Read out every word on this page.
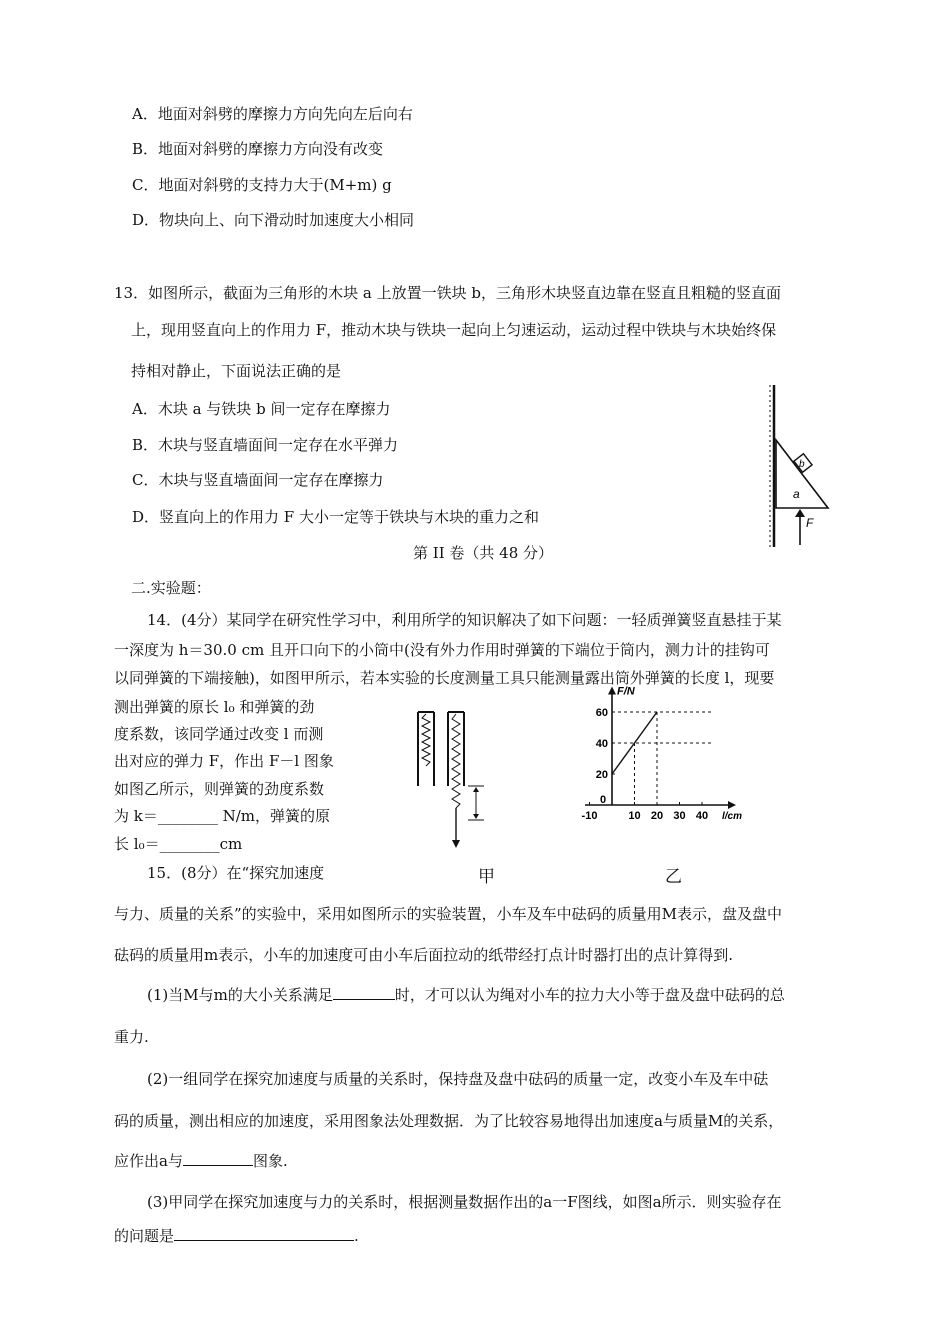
A．地面对斜劈的摩擦力方向先向左后向右
B．地面对斜劈的摩擦力方向没有改变
C．地面对斜劈的支持力大于(M+m) g
D．物块向上、向下滑动时加速度大小相同
13．如图所示，截面为三角形的木块 a 上放置一铁块 b，三角形木块竖直边靠在竖直且粗糙的竖直面
上，现用竖直向上的作用力 F，推动木块与铁块一起向上匀速运动，运动过程中铁块与木块始终保
持相对静止，下面说法正确的是
A．木块 a 与铁块 b 间一定存在摩擦力
B．木块与竖直墙面间一定存在水平弹力
C．木块与竖直墙面间一定存在摩擦力
D．竖直向上的作用力 F 大小一定等于铁块与木块的重力之和
b
a
F
第 II 卷（共 48 分）
二.实验题：
14．(4分）某同学在研究性学习中，利用所学的知识解决了如下问题：一轻质弹簧竖直悬挂于某
一深度为 h＝30.0 cm 且开口向下的小筒中(没有外力作用时弹簧的下端位于筒内，测力计的挂钩可
以同弹簧的下端接触)，如图甲所示，若本实验的长度测量工具只能测量露出筒外弹簧的长度 l，现要
测出弹簧的原长 l₀ 和弹簧的劲
度系数，该同学通过改变 l 而测
出对应的弹力 F，作出 F－l 图象
如图乙所示，则弹簧的劲度系数
为 k＝________ N/m，弹簧的原
长 l₀＝________cm
甲
F/N
l/cm
0
-10	10 20 30 40
20
40
60
乙
15．(8分）在“探究加速度
与力、质量的关系”的实验中，采用如图所示的实验装置，小车及车中砝码的质量用M表示，盘及盘中
砝码的质量用m表示，小车的加速度可由小车后面拉动的纸带经打点计时器打出的点计算得到.
(1)当M与m的大小关系满足	时，才可以认为绳对小车的拉力大小等于盘及盘中砝码的总
重力.
(2)一组同学在探究加速度与质量的关系时，保持盘及盘中砝码的质量一定，改变小车及车中砝
码的质量，测出相应的加速度，采用图象法处理数据．为了比较容易地得出加速度a与质量M的关系，
应作出a与	图象.
(3)甲同学在探究加速度与力的关系时，根据测量数据作出的a一F图线，如图a所示．则实验存在
的问题是	.
